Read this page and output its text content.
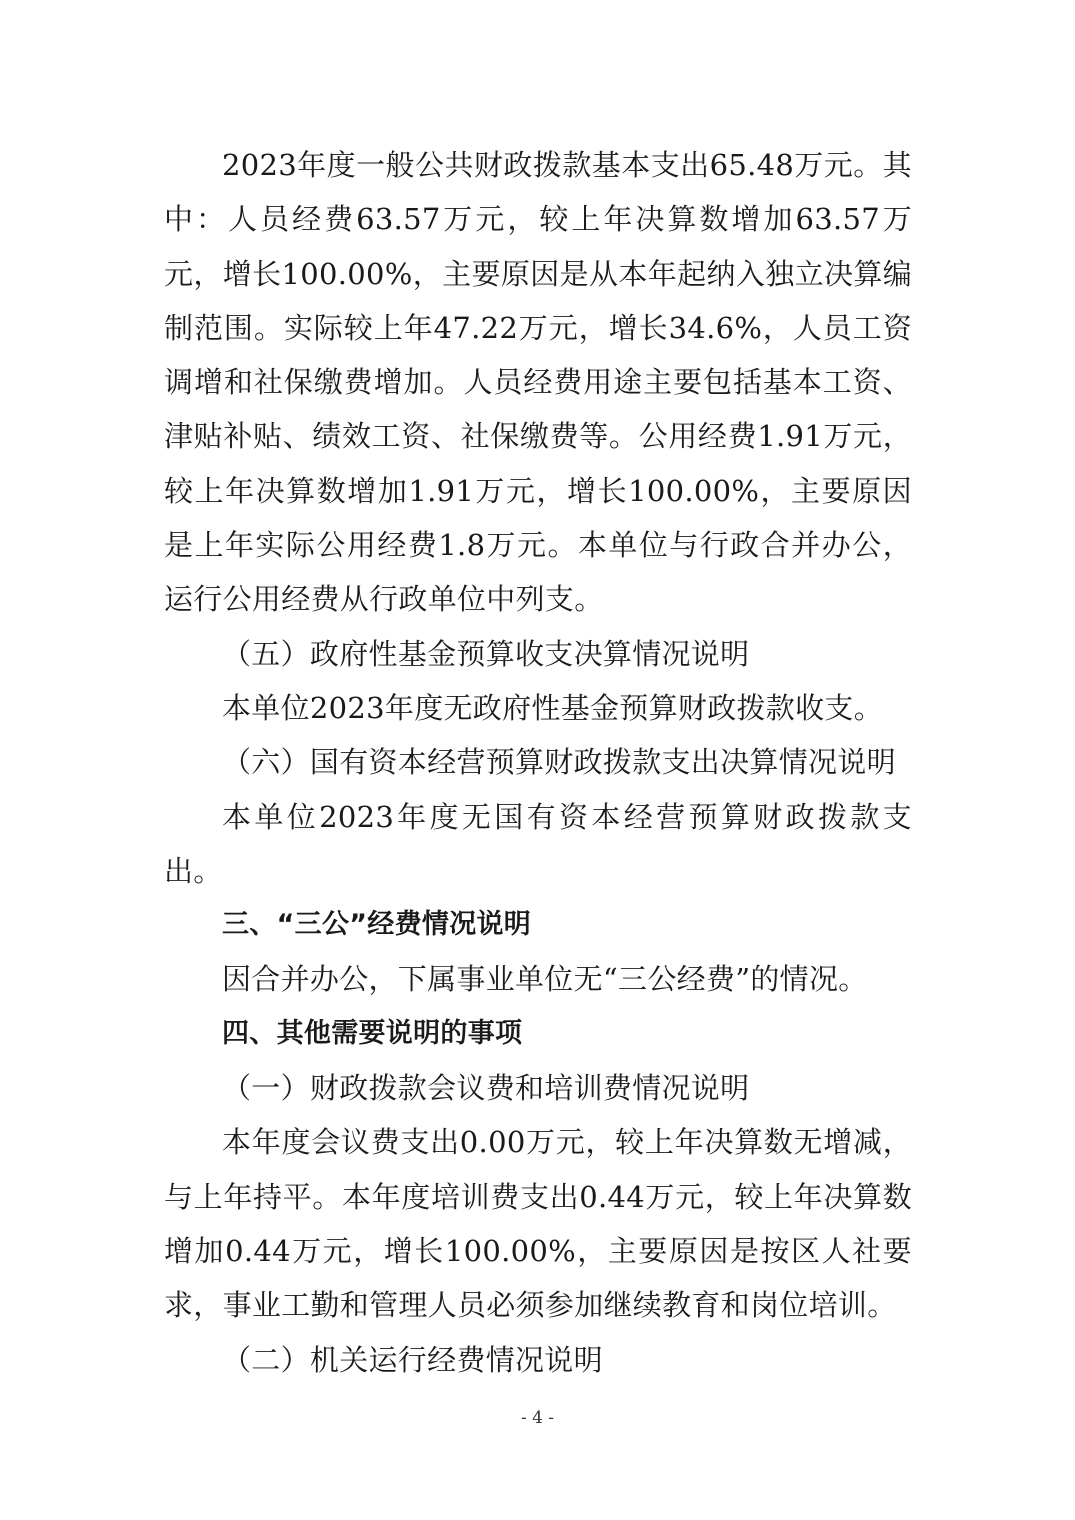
2023年度一般公共财政拨款基本支出65.48万元。其中：人员经费63.57万元，较上年决算数增加63.57万元，增长100.00%，主要原因是从本年起纳入独立决算编制范围。实际较上年47.22万元，增长34.6%，人员工资调增和社保缴费增加。人员经费用途主要包括基本工资、津贴补贴、绩效工资、社保缴费等。公用经费1.91万元，较上年决算数增加1.91万元，增长100.00%，主要原因是上年实际公用经费1.8万元。本单位与行政合并办公，运行公用经费从行政单位中列支。

（五）政府性基金预算收支决算情况说明

本单位2023年度无政府性基金预算财政拨款收支。

（六）国有资本经营预算财政拨款支出决算情况说明

本单位2023年度无国有资本经营预算财政拨款支出。

三、“三公”经费情况说明

因合并办公，下属事业单位无“三公经费”的情况。

四、其他需要说明的事项

（一）财政拨款会议费和培训费情况说明

本年度会议费支出0.00万元，较上年决算数无增减，与上年持平。本年度培训费支出0.44万元，较上年决算数增加0.44万元，增长100.00%，主要原因是按区人社要求，事业工勤和管理人员必须参加继续教育和岗位培训。

（二）机关运行经费情况说明

- 4 -
